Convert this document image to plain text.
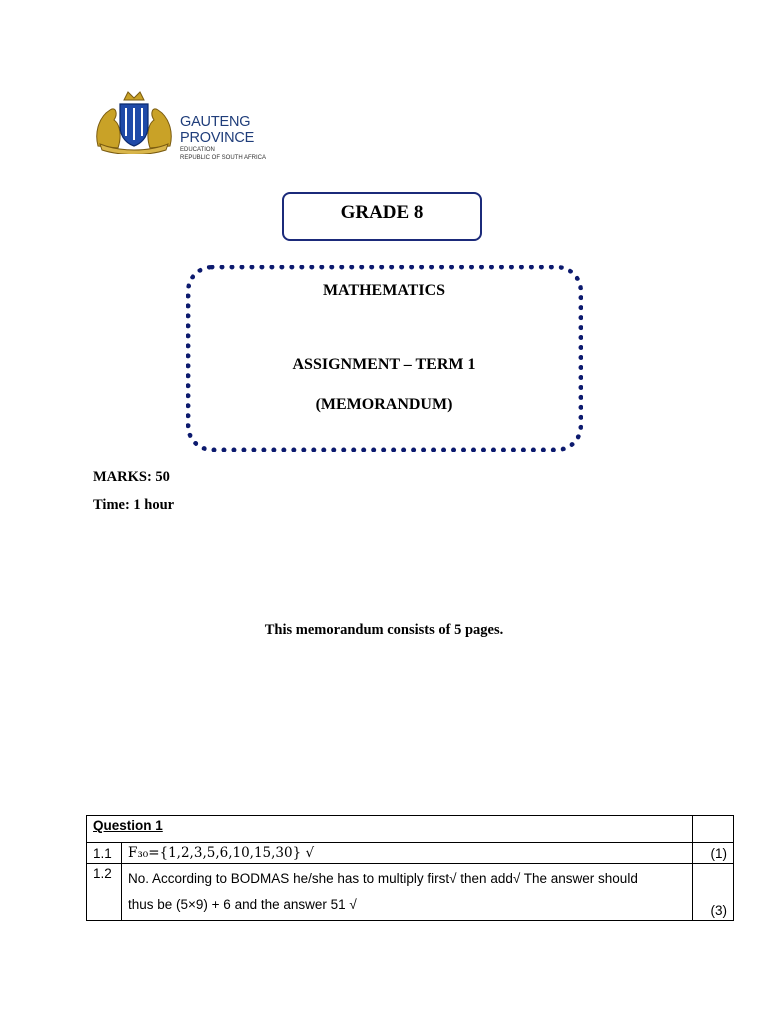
GAUTENG PROVINCE
EDUCATION
REPUBLIC OF SOUTH AFRICA
GRADE 8
MATHEMATICS
ASSIGNMENT – TERM 1
(MEMORANDUM)
MARKS: 50
Time: 1 hour
This memorandum consists of 5 pages.
Question 1		
1.1	F₃₀={1,2,3,5,6,10,15,30} √	(1)
1.2	No. According to BODMAS he/she has to multiply first√ then add√ The answer should
thus be (5×9) + 6 and the answer 51 √	(3)
